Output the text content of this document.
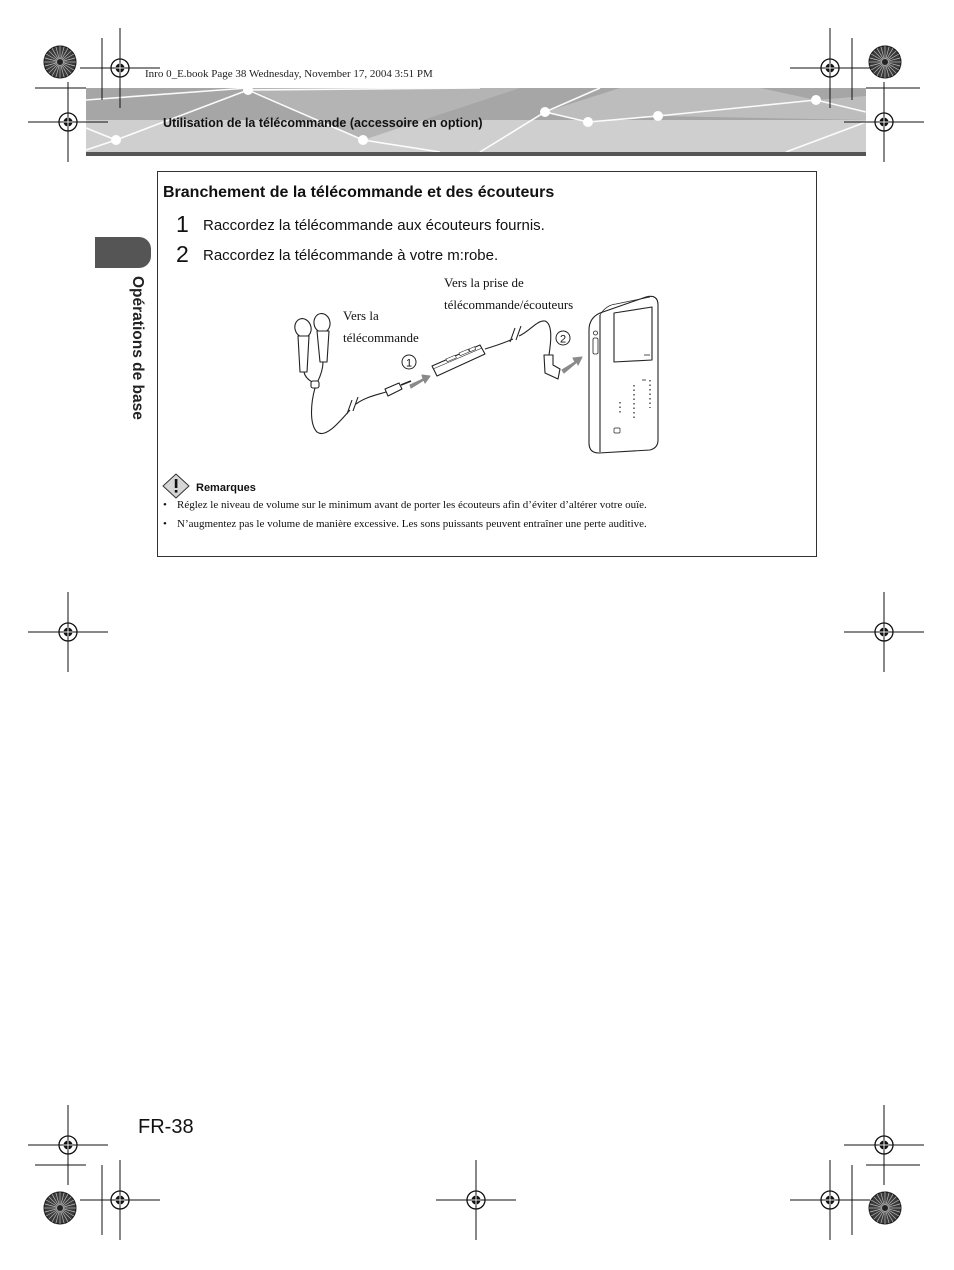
1
2
Inro 0_E.book Page 38 Wednesday, November 17, 2004 3:51 PM
Utilisation de la télécommande (accessoire en option)
Opérations de base
Branchement de la télécommande et des écouteurs
1 Raccordez la télécommande aux écouteurs fournis.
2 Raccordez la télécommande à votre m:robe.
Vers la prise de
télécommande/écouteurs
Vers la
télécommande
Remarques
• Réglez le niveau de volume sur le minimum avant de porter les écouteurs afin d’éviter d’altérer votre ouïe.
• N’augmentez pas le volume de manière excessive. Les sons puissants peuvent entraîner une perte auditive.
FR-38
